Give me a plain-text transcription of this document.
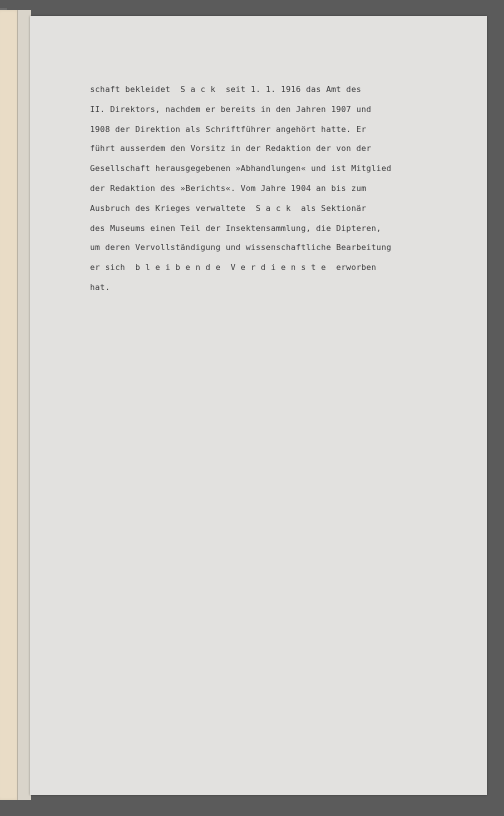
schaft bekleidet  S a c k  seit 1. 1. 1916 das Amt des
II. Direktors, nachdem er bereits in den Jahren 1907 und
1908 der Direktion als Schriftführer angehört hatte. Er
führt ausserdem den Vorsitz in der Redaktion der von der
Gesellschaft herausgegebenen »Abhandlungen« und ist Mitglied
der Redaktion des »Berichts«. Vom Jahre 1904 an bis zum
Ausbruch des Krieges verwaltete  S a c k  als Sektionär
des Museums einen Teil der Insektensammlung, die Dipteren,
um deren Vervollständigung und wissenschaftliche Bearbeitung
er sich  b l e i b e n d e  V e r d i e n s t e  erworben
hat.
